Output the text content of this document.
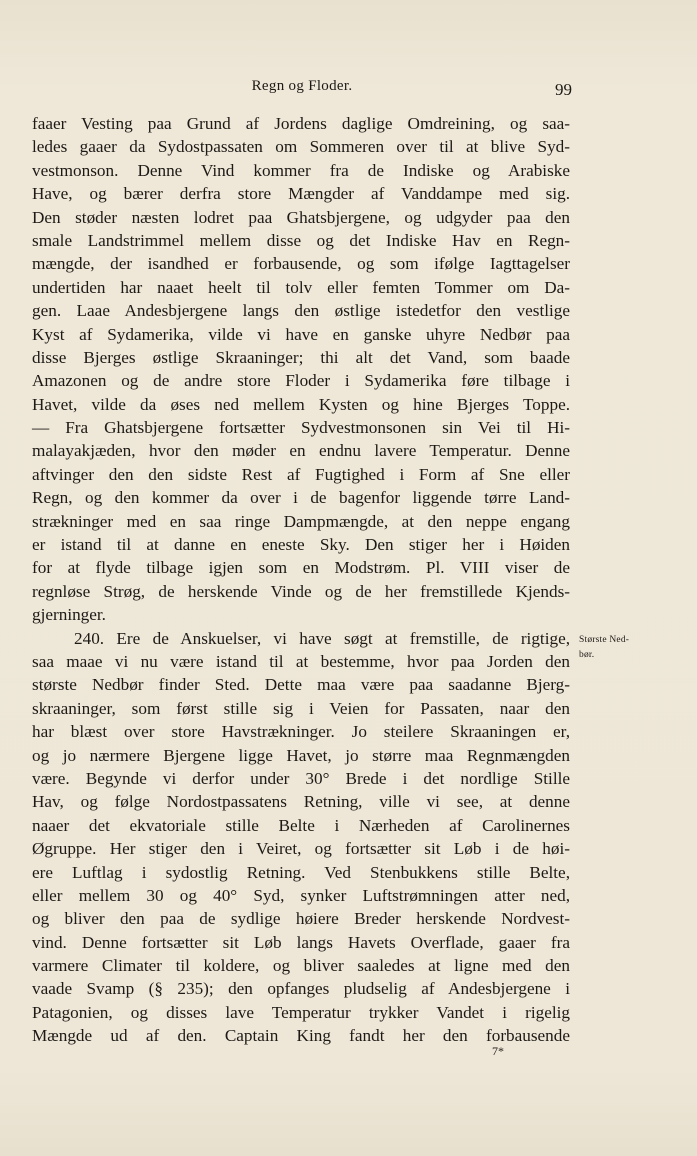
Regn og Floder.	99
faaer Vesting paa Grund af Jordens daglige Omdreining, og saa-
ledes gaaer da Sydostpassaten om Sommeren over til at blive Syd-
vestmonson. Denne Vind kommer fra de Indiske og Arabiske
Have, og bærer derfra store Mængder af Vanddampe med sig.
Den støder næsten lodret paa Ghatsbjergene, og udgyder paa den
smale Landstrimmel mellem disse og det Indiske Hav en Regn-
mængde, der isandhed er forbausende, og som ifølge Iagttagelser
undertiden har naaet heelt til tolv eller femten Tommer om Da-
gen. Laae Andesbjergene langs den østlige istedetfor den vestlige
Kyst af Sydamerika, vilde vi have en ganske uhyre Nedbør paa
disse Bjerges østlige Skraaninger; thi alt det Vand, som baade
Amazonen og de andre store Floder i Sydamerika føre tilbage i
Havet, vilde da øses ned mellem Kysten og hine Bjerges Toppe.
— Fra Ghatsbjergene fortsætter Sydvestmonsonen sin Vei til Hi-
malayakjæden, hvor den møder en endnu lavere Temperatur. Denne
aftvinger den den sidste Rest af Fugtighed i Form af Sne eller
Regn, og den kommer da over i de bagenfor liggende tørre Land-
strækninger med en saa ringe Dampmængde, at den neppe engang
er istand til at danne en eneste Sky. Den stiger her i Høiden
for at flyde tilbage igjen som en Modstrøm. Pl. VIII viser de
regnløse Strøg, de herskende Vinde og de her fremstillede Kjends-
gjerninger.
240. Ere de Anskuelser, vi have søgt at fremstille, de rigtige,
saa maae vi nu være istand til at bestemme, hvor paa Jorden den
største Nedbør finder Sted. Dette maa være paa saadanne Bjerg-
skraaninger, som først stille sig i Veien for Passaten, naar den
har blæst over store Havstrækninger. Jo steilere Skraaningen er,
og jo nærmere Bjergene ligge Havet, jo større maa Regnmængden
være. Begynde vi derfor under 30° Brede i det nordlige Stille
Hav, og følge Nordostpassatens Retning, ville vi see, at denne
naaer det ekvatoriale stille Belte i Nærheden af Carolinernes
Øgruppe. Her stiger den i Veiret, og fortsætter sit Løb i de høi-
ere Luftlag i sydostlig Retning. Ved Stenbukkens stille Belte,
eller mellem 30 og 40° Syd, synker Luftstrømningen atter ned,
og bliver den paa de sydlige høiere Breder herskende Nordvest-
vind. Denne fortsætter sit Løb langs Havets Overflade, gaaer fra
varmere Climater til koldere, og bliver saaledes at ligne med den
vaade Svamp (§ 235); den opfanges pludselig af Andesbjergene i
Patagonien, og disses lave Temperatur trykker Vandet i rigelig
Mængde ud af den. Captain King fandt her den forbausende
Største Ned-
bør.
7*
